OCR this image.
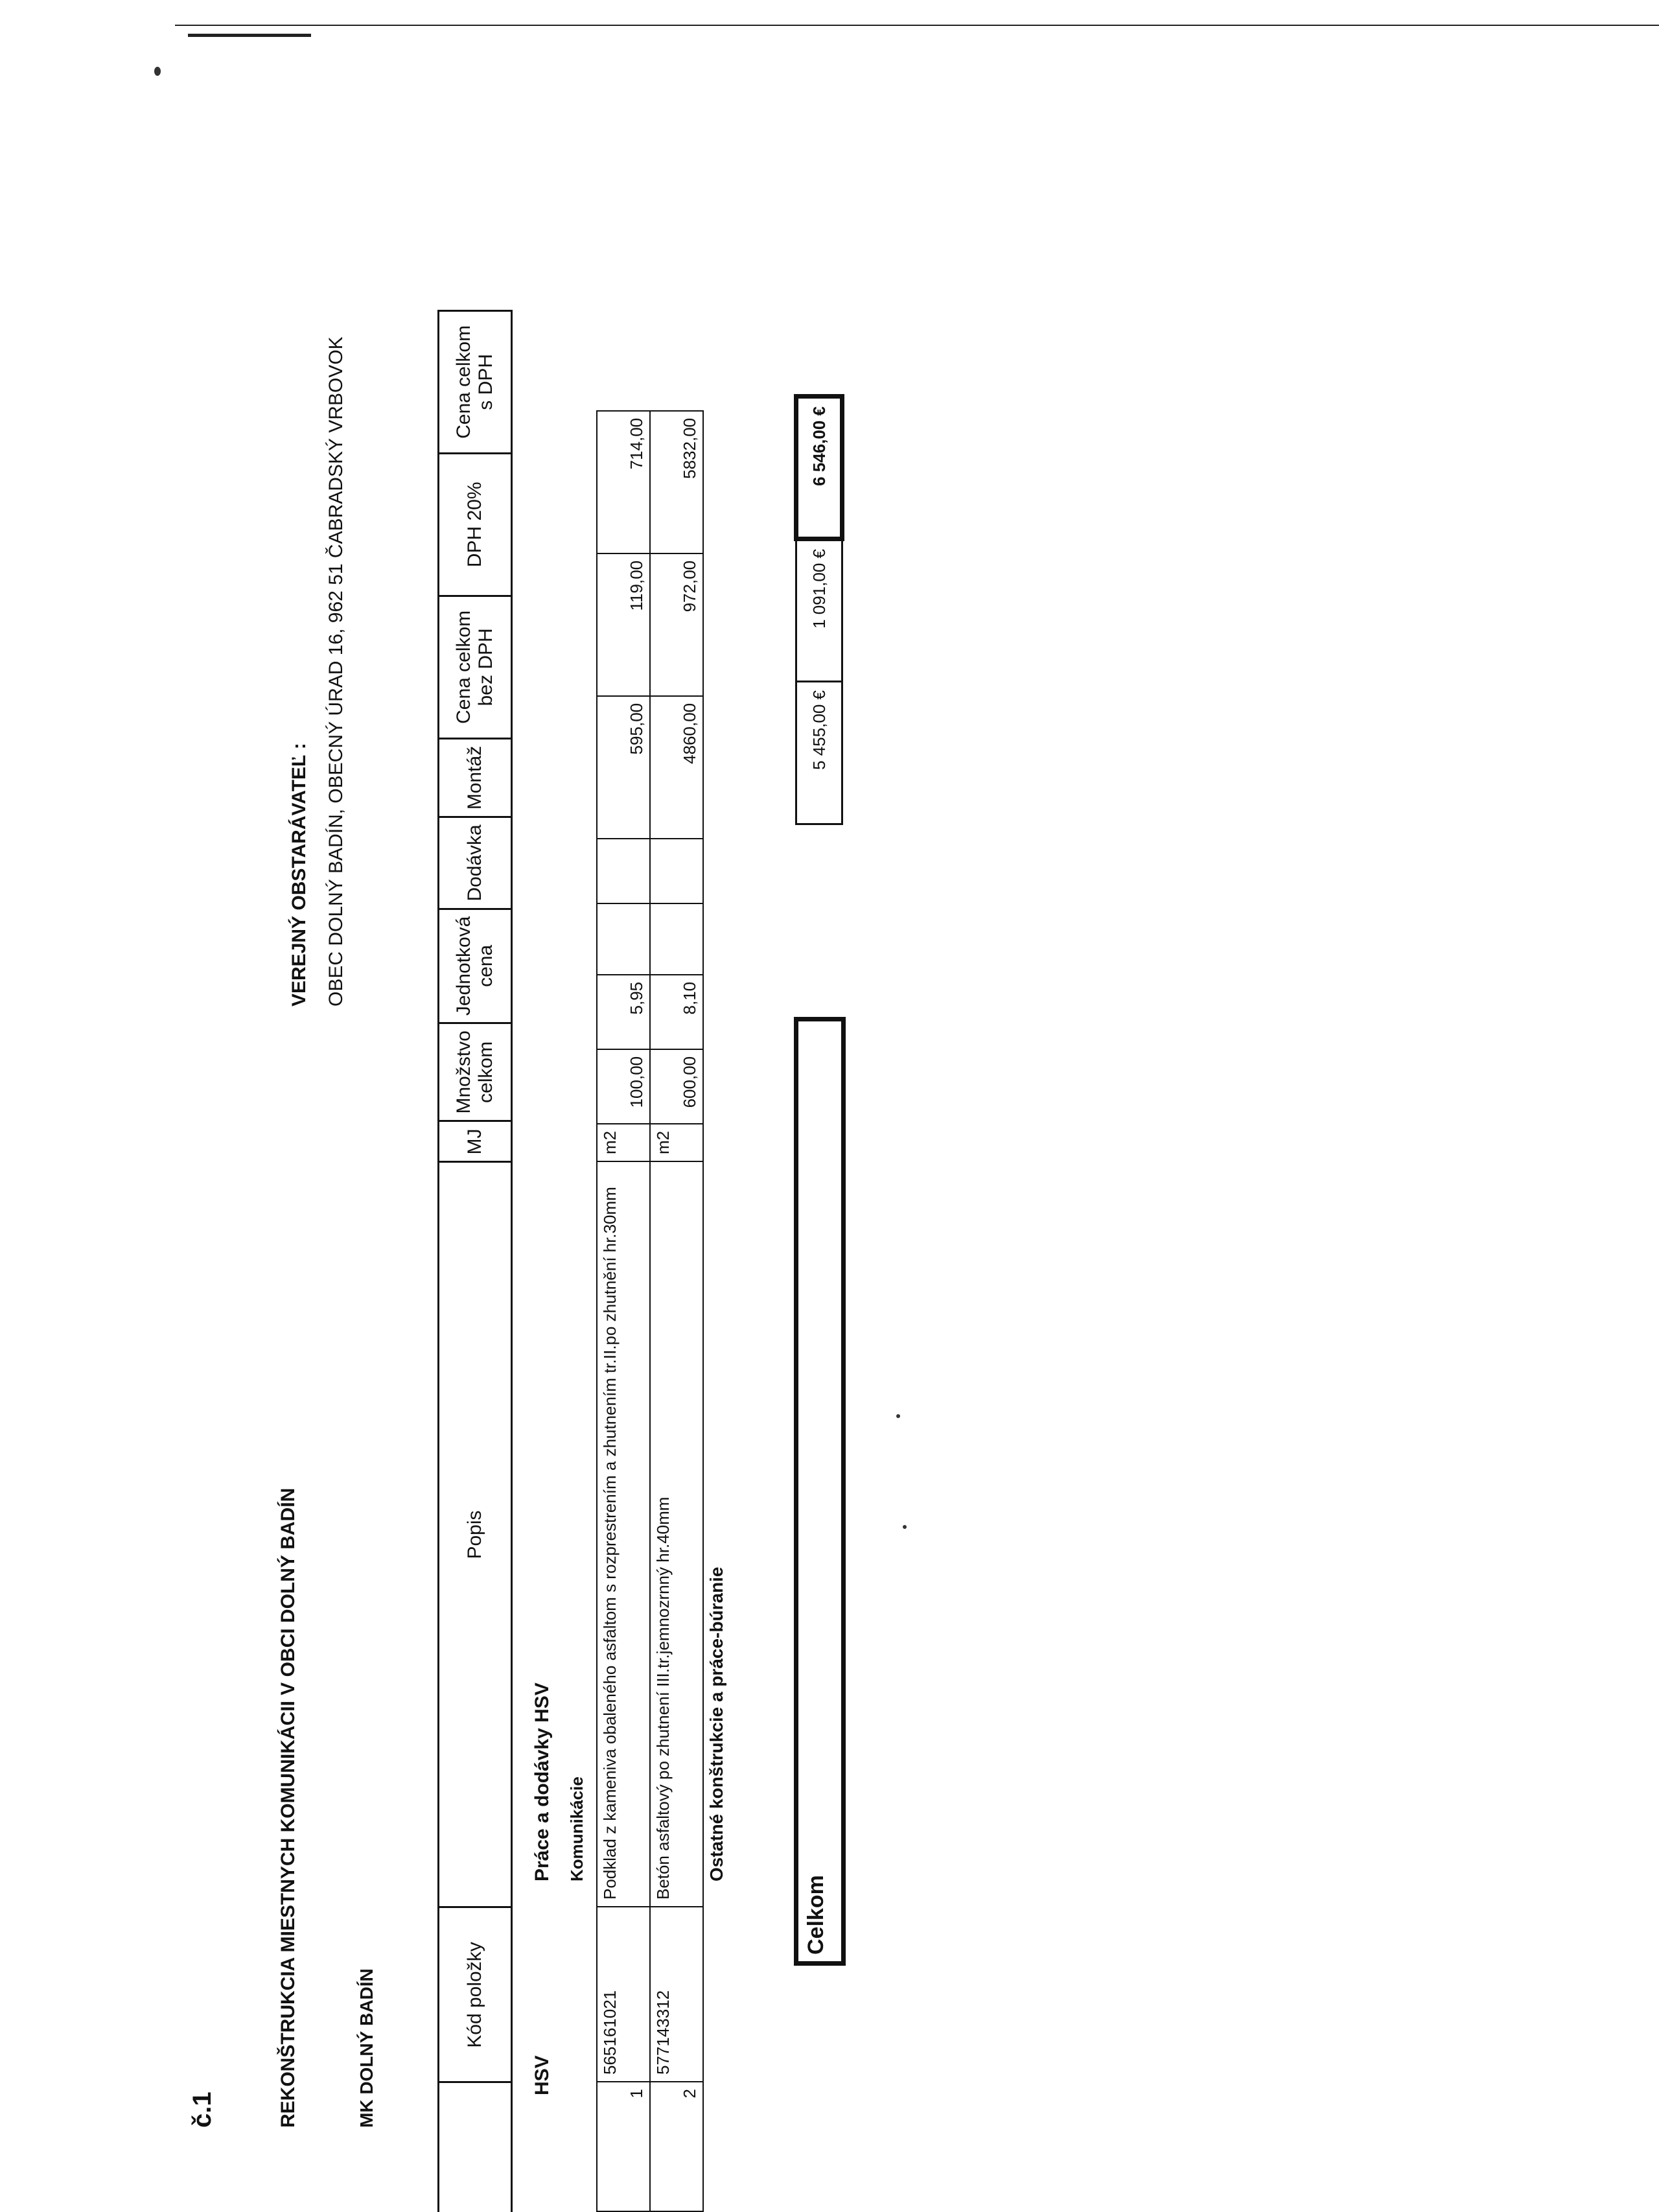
č.1	REKONŠTRUKCIA MIESTNYCH KOMUNIKÁCII V OBCI DOLNÝ BADÍN	MK DOLNÝ BADÍN
VEREJNÝ OBSTARÁVATEĽ : OBEC DOLNÝ BADÍN, OBECNÝ ÚRAD 16, 962 51 ČABRADSKÝ VRBOVOK
	Kód položky	Popis	MJ	Množstvo celkom	Jednotková cena	Dodávka	Montáž	Cena celkom bez DPH	DPH 20%	Cena celkom s DPH
HSV
Práce a dodávky HSV Komunikácie
1	565161021	Podklad z kameniva obaleného asfaltom s rozprestrením a zhutnením tr.II.po zhutnění hr.30mm	m2	100,00	5,95			595,00	119,00	714,00
2	577143312	Betón asfaltový po zhutnení III.tr.jemnozrnný hr.40mm	m2	600,00	8,10			4860,00	972,00	5832,00
Ostatné konštrukcie a práce-búranie
Celkom
5 455,00 €	1 091,00 €	6 546,00 €
